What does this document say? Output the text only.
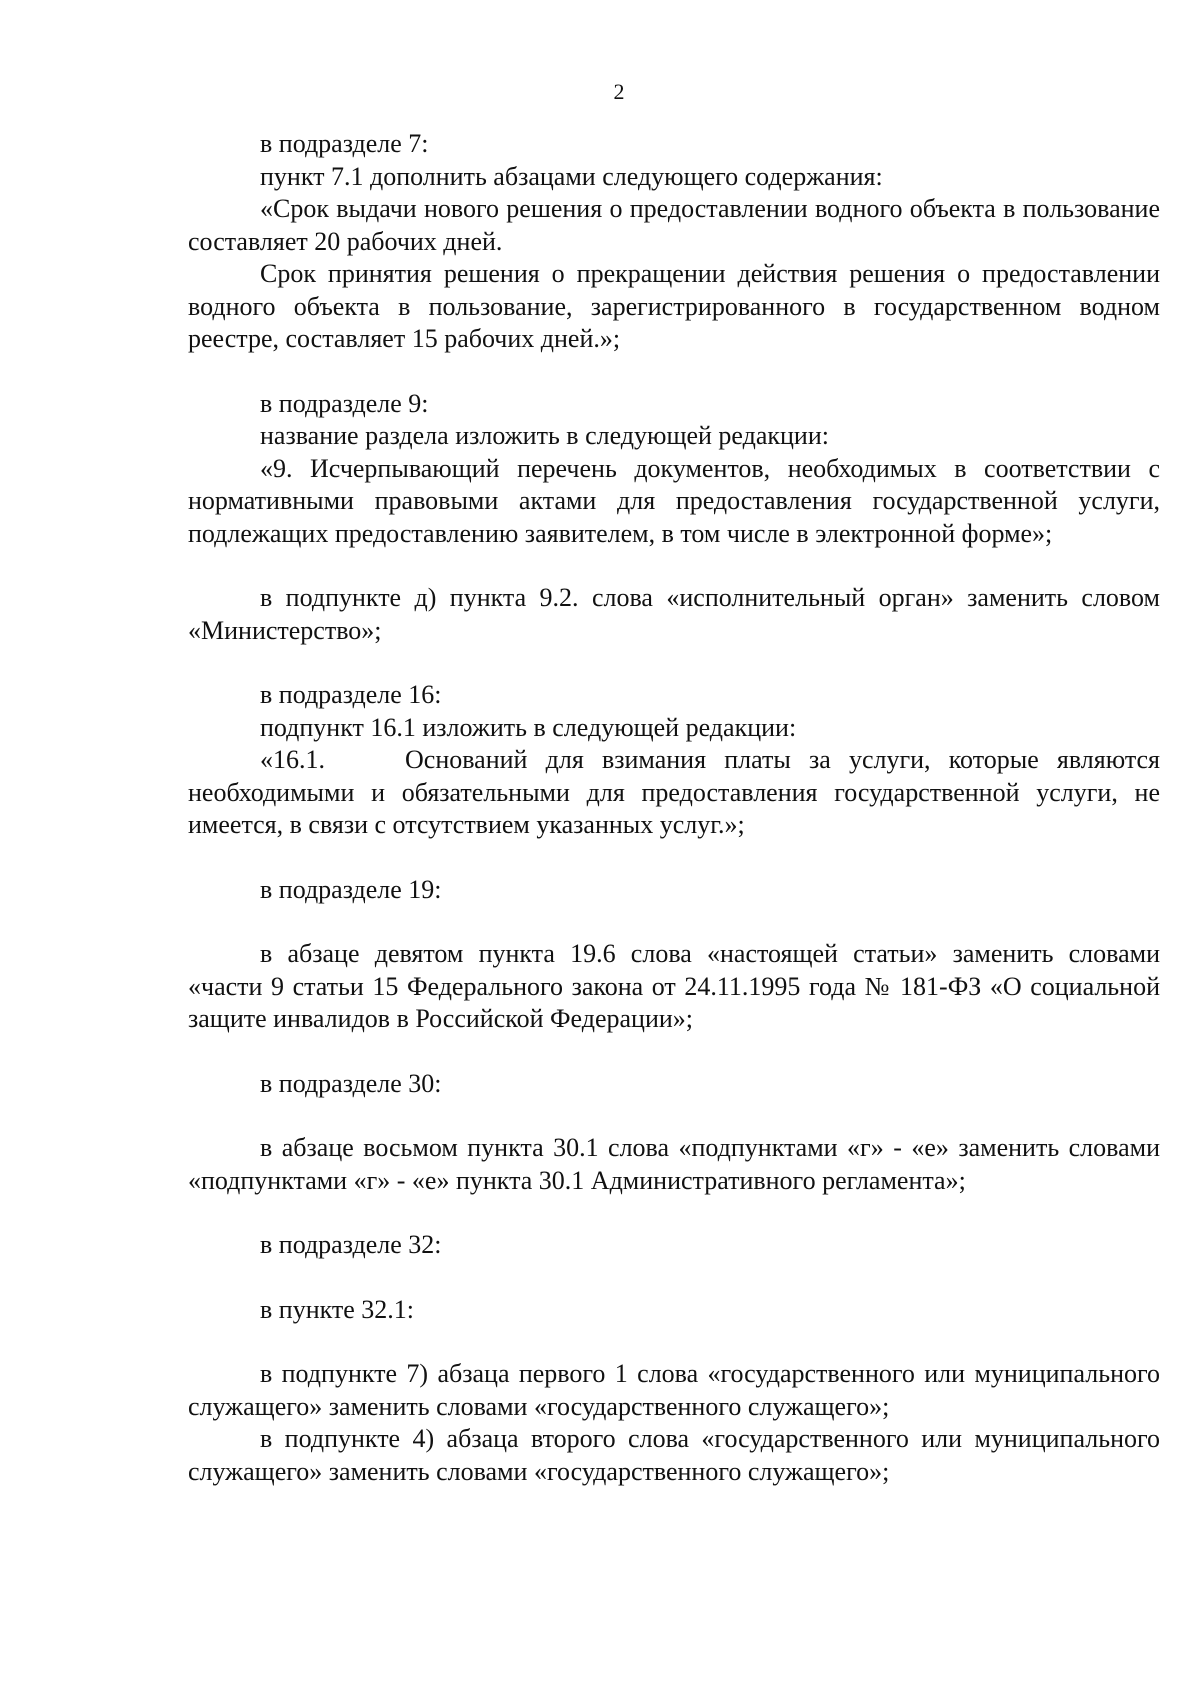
2

в подразделе 7:

пункт 7.1 дополнить абзацами следующего содержания:

«Срок выдачи нового решения о предоставлении водного объекта в пользование составляет 20 рабочих дней.

Срок принятия решения о прекращении действия решения о предоставлении водного объекта в пользование, зарегистрированного в государственном водном реестре, составляет 15 рабочих дней.»;

в подразделе 9:

название раздела изложить в следующей редакции:

«9. Исчерпывающий перечень документов, необходимых в соответствии с нормативными правовыми актами для предоставления государственной услуги, подлежащих предоставлению заявителем, в том числе в электронной форме»;

в подпункте д) пункта 9.2. слова «исполнительный орган» заменить словом «Министерство»;

в подразделе 16:

подпункт 16.1 изложить в следующей редакции:

«16.1.	Оснований для взимания платы за услуги, которые являются необходимыми и обязательными для предоставления государственной услуги, не имеется, в связи с отсутствием указанных услуг.»;

в подразделе 19:

в абзаце девятом пункта 19.6 слова «настоящей статьи» заменить словами «части 9 статьи 15 Федерального закона от 24.11.1995 года № 181-ФЗ «О социальной защите инвалидов в Российской Федерации»;

в подразделе 30:

в абзаце восьмом пункта 30.1 слова «подпунктами «г» - «е» заменить словами «подпунктами «г» - «е» пункта 30.1 Административного регламента»;

в подразделе 32:

в пункте 32.1:

в подпункте 7) абзаца первого 1 слова «государственного или муниципального служащего» заменить словами «государственного служащего»;

в подпункте 4) абзаца второго слова «государственного или муниципального служащего» заменить словами «государственного служащего»;
